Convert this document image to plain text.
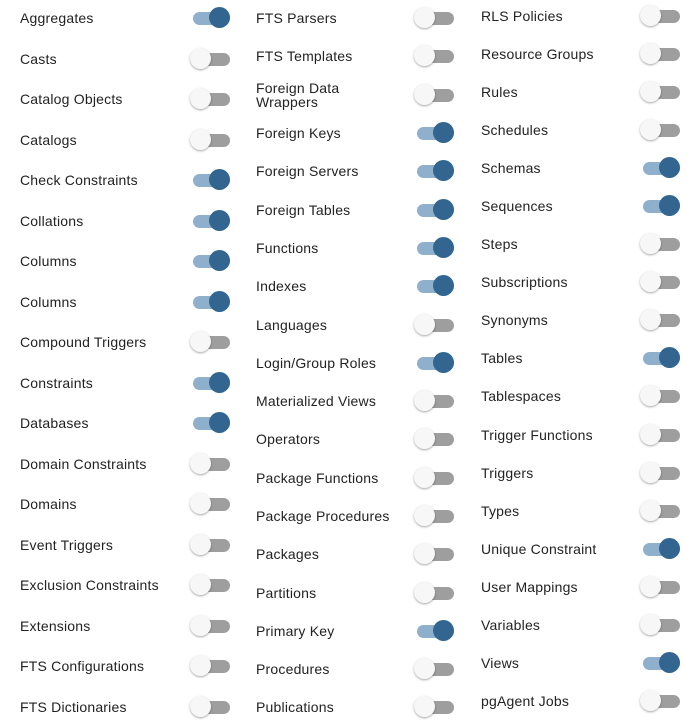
Aggregates
Casts
Catalog Objects
Catalogs
Check Constraints
Collations
Columns
Columns
Compound Triggers
Constraints
Databases
Domain Constraints
Domains
Event Triggers
Exclusion Constraints
Extensions
FTS Configurations
FTS Dictionaries
FTS Parsers
FTS Templates
Foreign Data Wrappers
Foreign Keys
Foreign Servers
Foreign Tables
Functions
Indexes
Languages
Login/Group Roles
Materialized Views
Operators
Package Functions
Package Procedures
Packages
Partitions
Primary Key
Procedures
Publications
RLS Policies
Resource Groups
Rules
Schedules
Schemas
Sequences
Steps
Subscriptions
Synonyms
Tables
Tablespaces
Trigger Functions
Triggers
Types
Unique Constraint
User Mappings
Variables
Views
pgAgent Jobs
